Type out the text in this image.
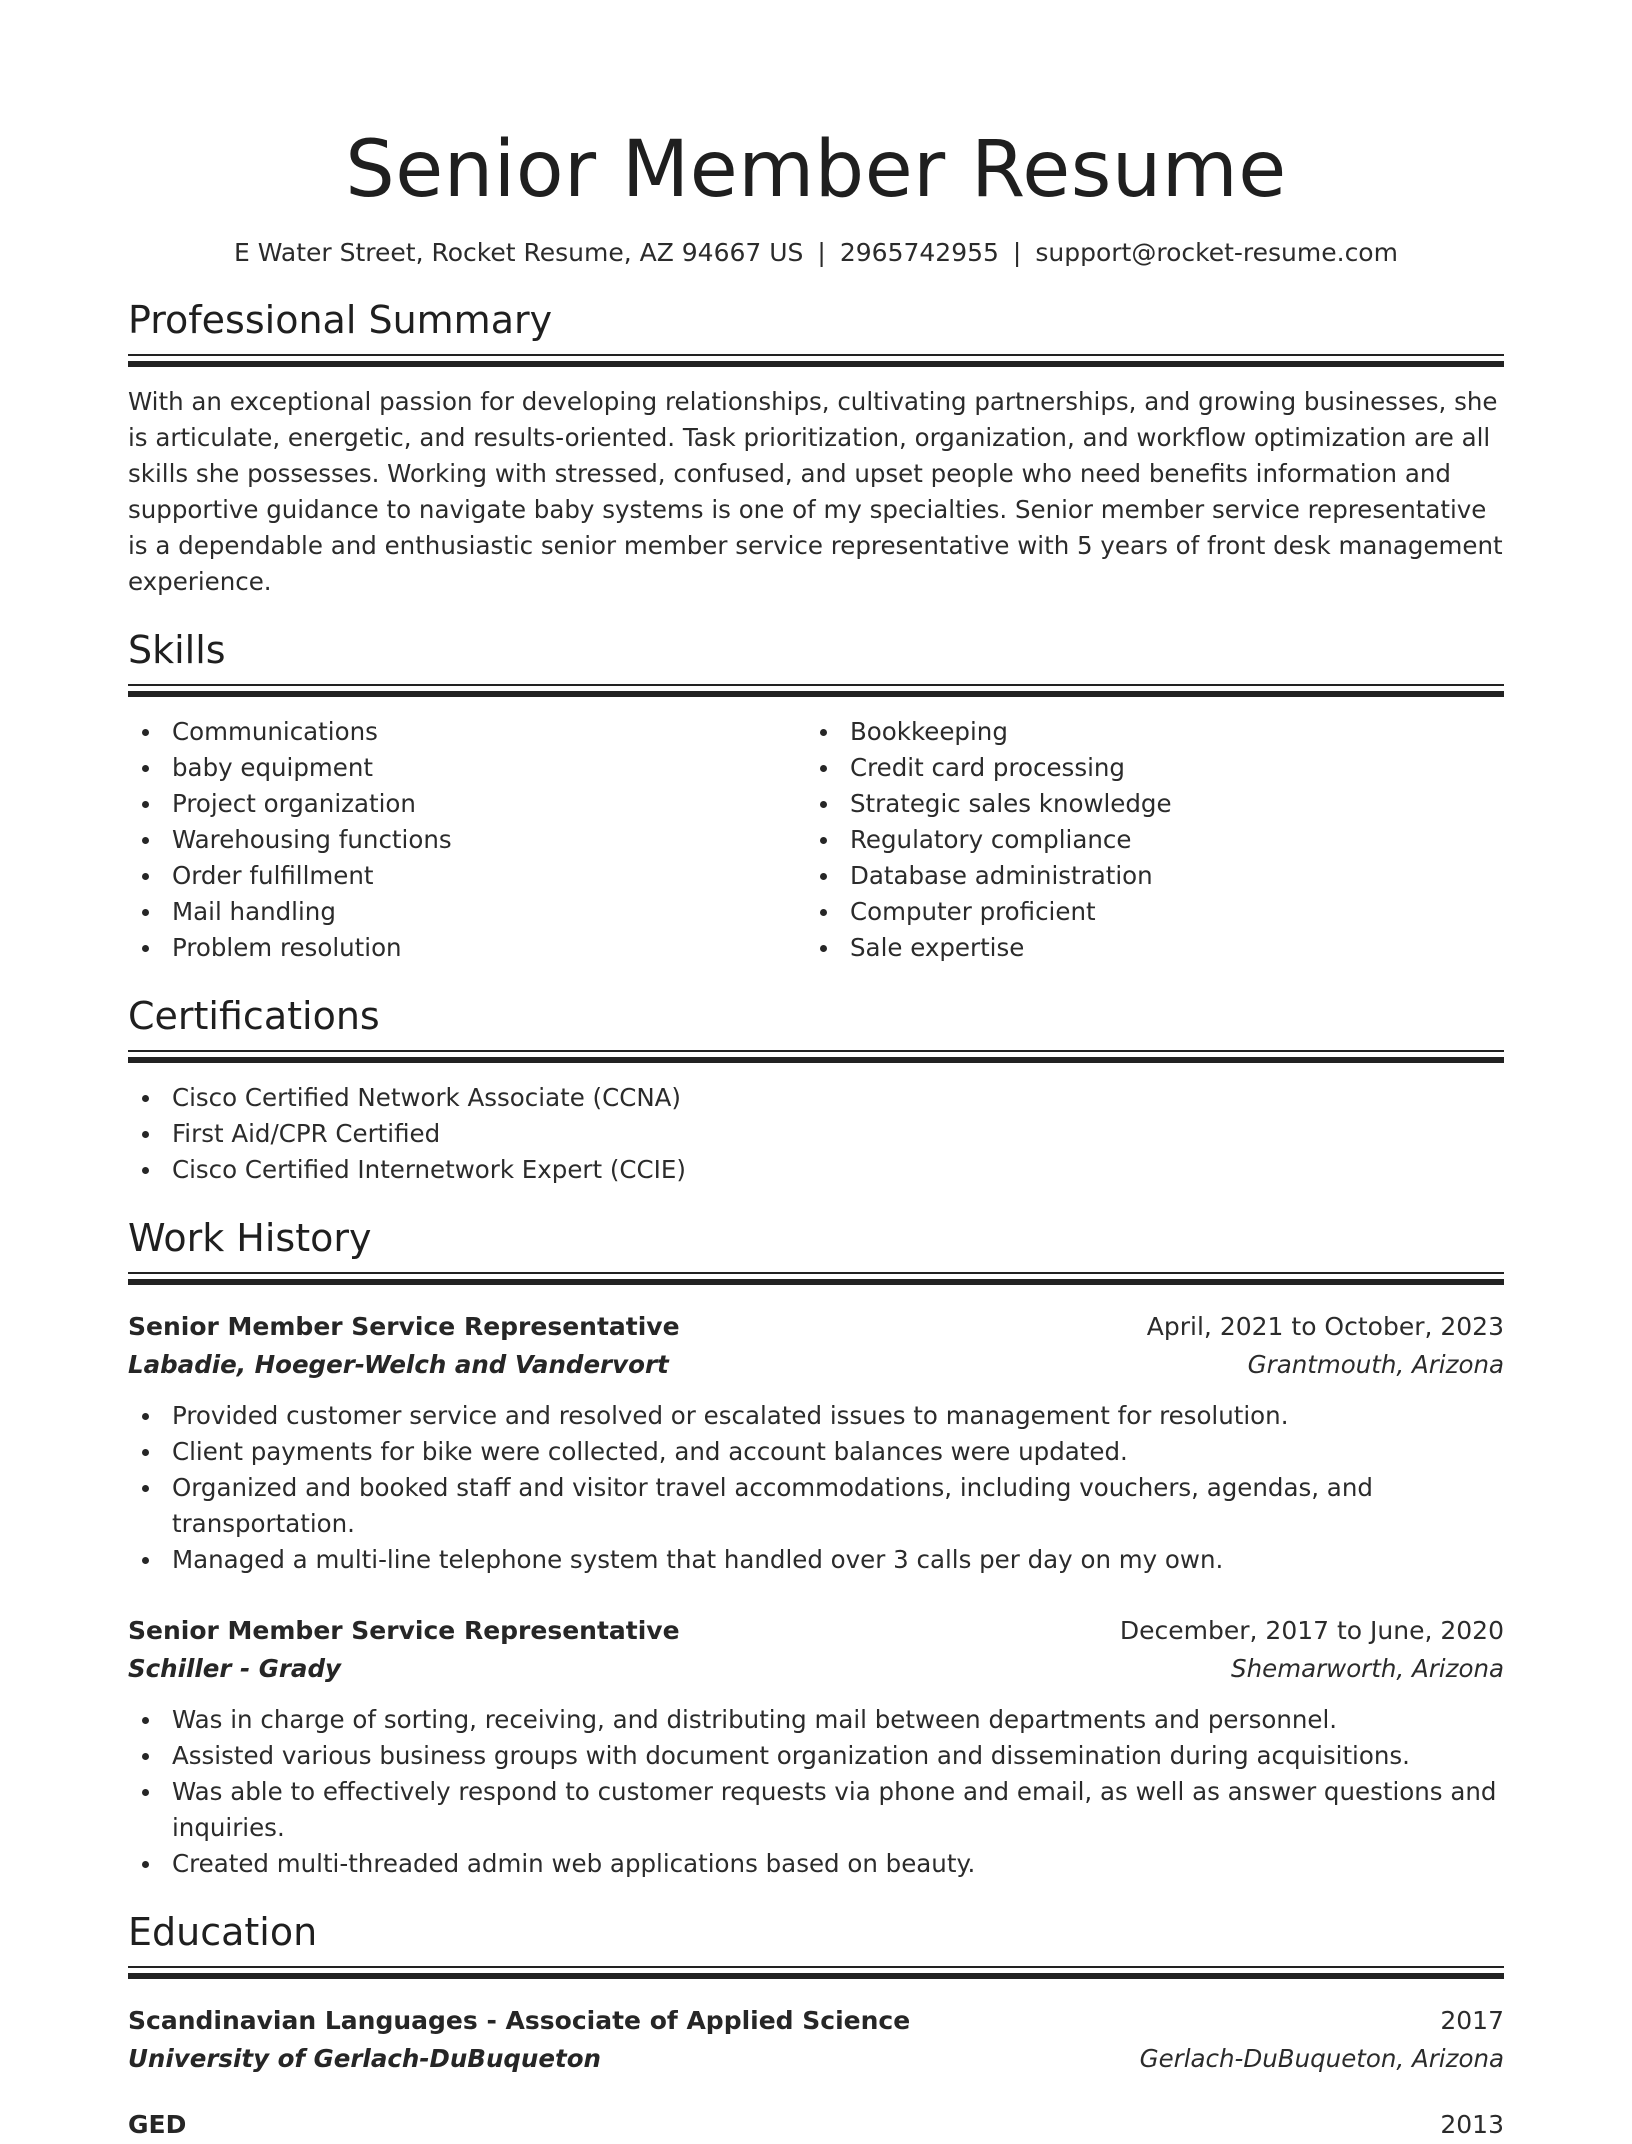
Senior Member Resume
E Water Street, Rocket Resume, AZ 94667 US | 2965742955 | support@rocket-resume.com
Professional Summary
With an exceptional passion for developing relationships, cultivating partnerships, and growing businesses, she is articulate, energetic, and results-oriented. Task prioritization, organization, and workflow optimization are all skills she possesses. Working with stressed, confused, and upset people who need benefits information and supportive guidance to navigate baby systems is one of my specialties. Senior member service representative is a dependable and enthusiastic senior member service representative with 5 years of front desk management experience.
Skills
Communications
baby equipment
Project organization
Warehousing functions
Order fulfillment
Mail handling
Problem resolution
Bookkeeping
Credit card processing
Strategic sales knowledge
Regulatory compliance
Database administration
Computer proficient
Sale expertise
Certifications
Cisco Certified Network Associate (CCNA)
First Aid/CPR Certified
Cisco Certified Internetwork Expert (CCIE)
Work History
Senior Member Service Representative	April, 2021 to October, 2023
Labadie, Hoeger-Welch and Vandervort	Grantmouth, Arizona
Provided customer service and resolved or escalated issues to management for resolution.
Client payments for bike were collected, and account balances were updated.
Organized and booked staff and visitor travel accommodations, including vouchers, agendas, and transportation.
Managed a multi-line telephone system that handled over 3 calls per day on my own.
Senior Member Service Representative	December, 2017 to June, 2020
Schiller - Grady	Shemarworth, Arizona
Was in charge of sorting, receiving, and distributing mail between departments and personnel.
Assisted various business groups with document organization and dissemination during acquisitions.
Was able to effectively respond to customer requests via phone and email, as well as answer questions and inquiries.
Created multi-threaded admin web applications based on beauty.
Education
Scandinavian Languages - Associate of Applied Science	2017
University of Gerlach-DuBuqueton	Gerlach-DuBuqueton, Arizona
GED	2013
